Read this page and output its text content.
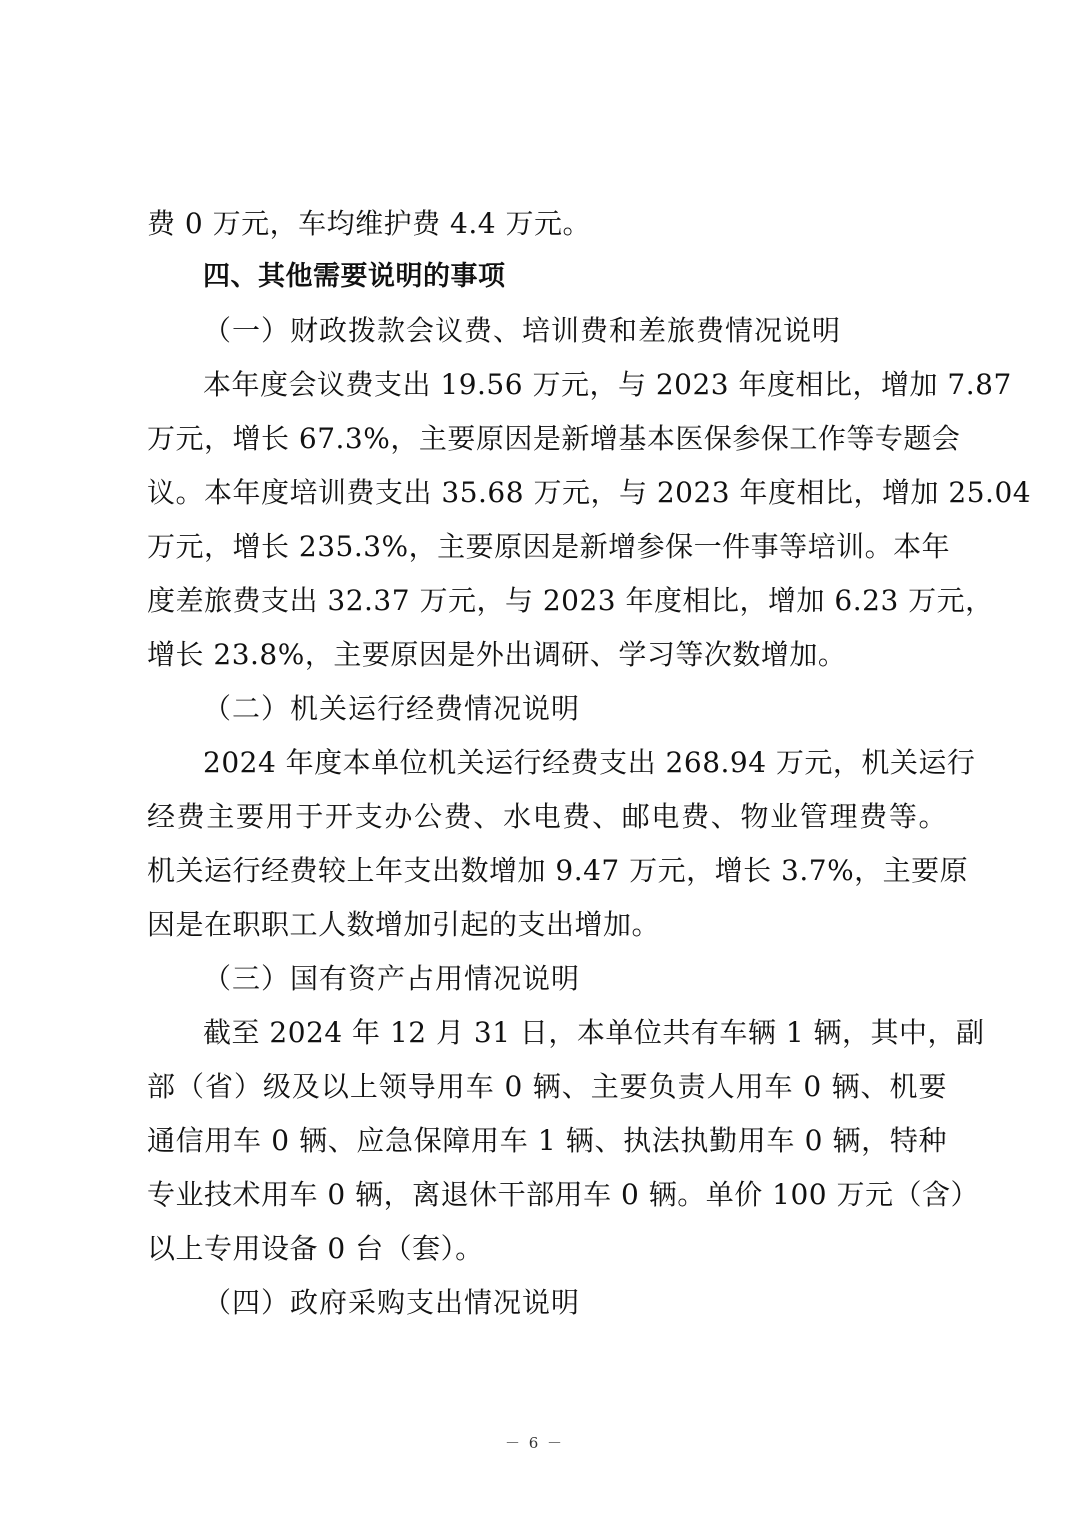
费 0 万元，车均维护费 4.4 万元。

四、其他需要说明的事项

（一）财政拨款会议费、培训费和差旅费情况说明

本年度会议费支出 19.56 万元，与 2023 年度相比，增加 7.87

万元，增长 67.3%，主要原因是新增基本医保参保工作等专题会

议。本年度培训费支出 35.68 万元，与 2023 年度相比，增加 25.04

万元，增长 235.3%，主要原因是新增参保一件事等培训。本年

度差旅费支出 32.37 万元，与 2023 年度相比，增加 6.23 万元，

增长 23.8%，主要原因是外出调研、学习等次数增加。

（二）机关运行经费情况说明

2024 年度本单位机关运行经费支出 268.94 万元，机关运行

经费主要用于开支办公费、水电费、邮电费、物业管理费等。

机关运行经费较上年支出数增加 9.47 万元，增长 3.7%，主要原

因是在职职工人数增加引起的支出增加。

（三）国有资产占用情况说明

截至 2024 年 12 月 31 日，本单位共有车辆 1 辆，其中，副

部（省）级及以上领导用车 0 辆、主要负责人用车 0 辆、机要

通信用车 0 辆、应急保障用车 1 辆、执法执勤用车 0 辆，特种

专业技术用车 0 辆，离退休干部用车 0 辆。单价 100 万元（含）

以上专用设备 0 台（套）。

（四）政府采购支出情况说明

－ 6 －
